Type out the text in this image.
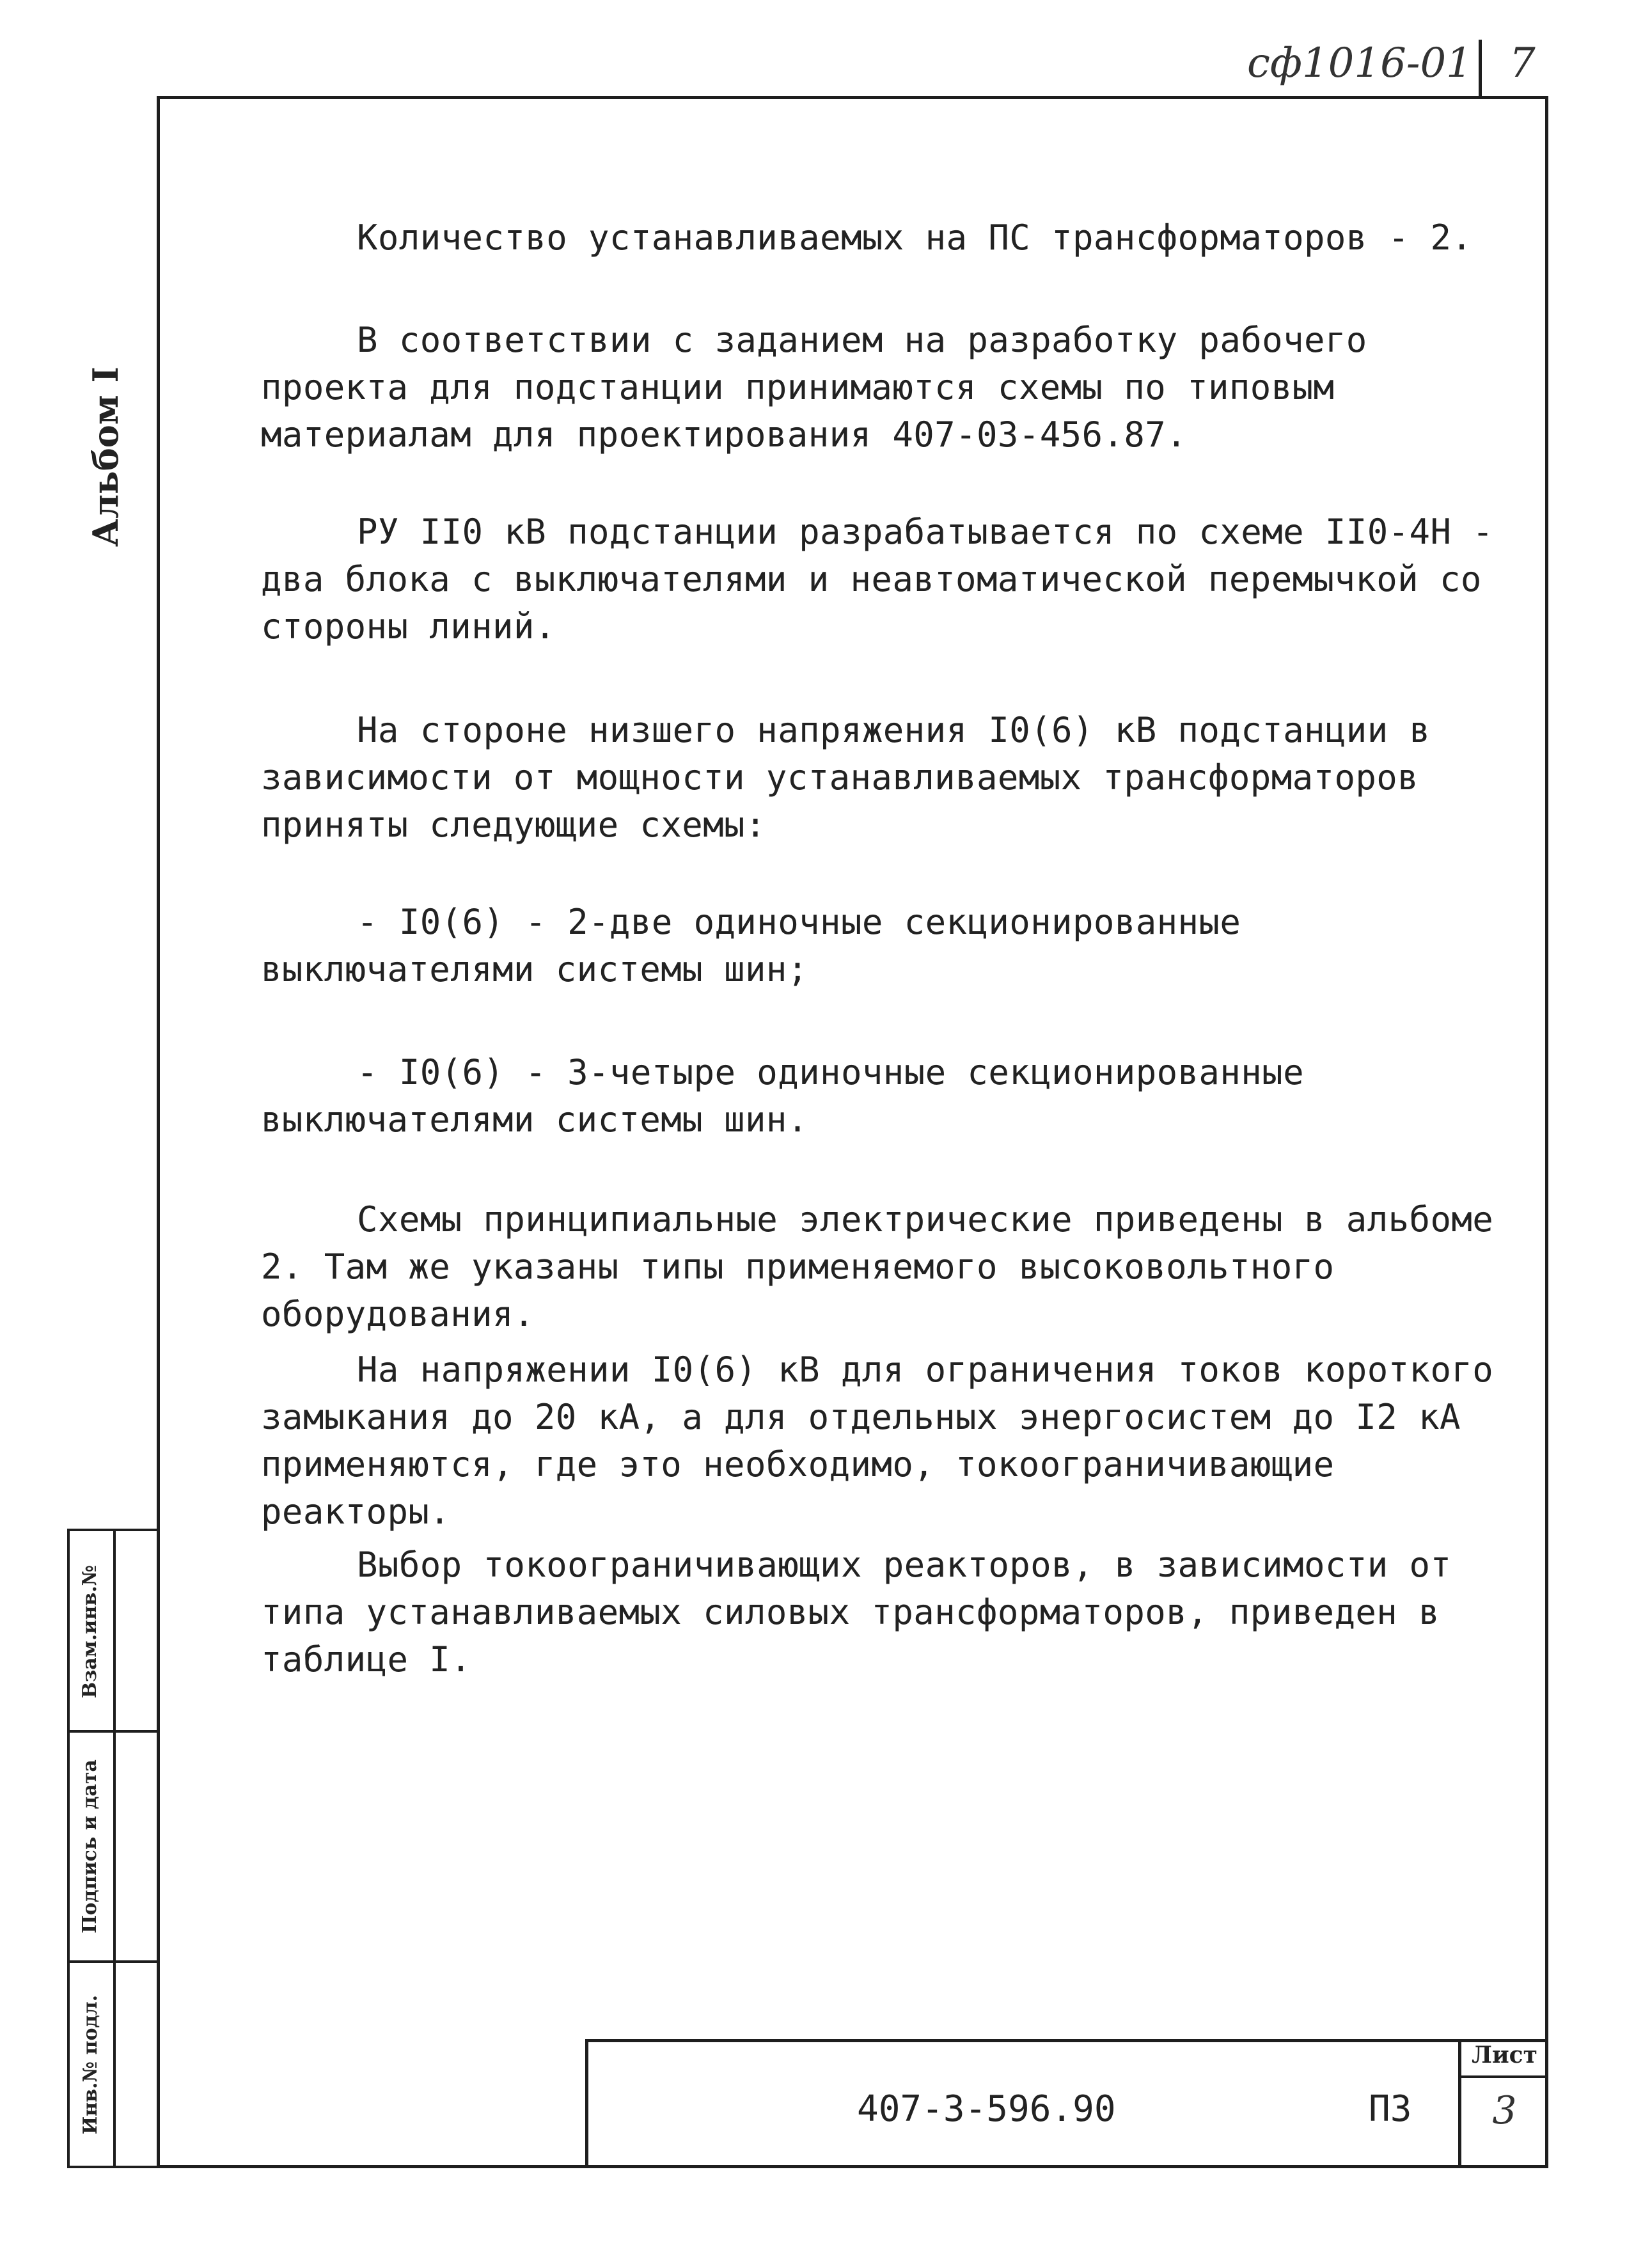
сф1016-01 7
Альбом I

Количество устанавливаемых на ПС трансформаторов - 2.

В соответствии с заданием на разработку рабочего проекта для подстанции принимаются схемы по типовым материалам для проектирования 407-03-456.87.

РУ II0 кВ подстанции разрабатывается по схеме II0-4Н - два блока с выключателями и неавтоматической перемычкой со стороны линий.

На стороне низшего напряжения I0(6) кВ подстанции в зависимости от мощности устанавливаемых трансформаторов приняты следующие схемы:

- I0(6) - 2-две одиночные секционированные выключателями системы шин;

- I0(6) - 3-четыре одиночные секционированные выключателями системы шин.

Схемы принципиальные электрические приведены в альбоме 2. Там же указаны типы применяемого высоковольтного оборудования.

На напряжении I0(6) кВ для ограничения токов короткого замыкания до 20 кА, а для отдельных энергосистем до I2 кА применяются, где это необходимо, токоограничивающие реакторы.

Выбор токоограничивающих реакторов, в зависимости от типа устанавливаемых силовых трансформаторов, приведен в таблице I.

Взам.инв.№
Подпись и дата
Инв.№ подл.	407-3-596.90	ПЗ
Лист
3
